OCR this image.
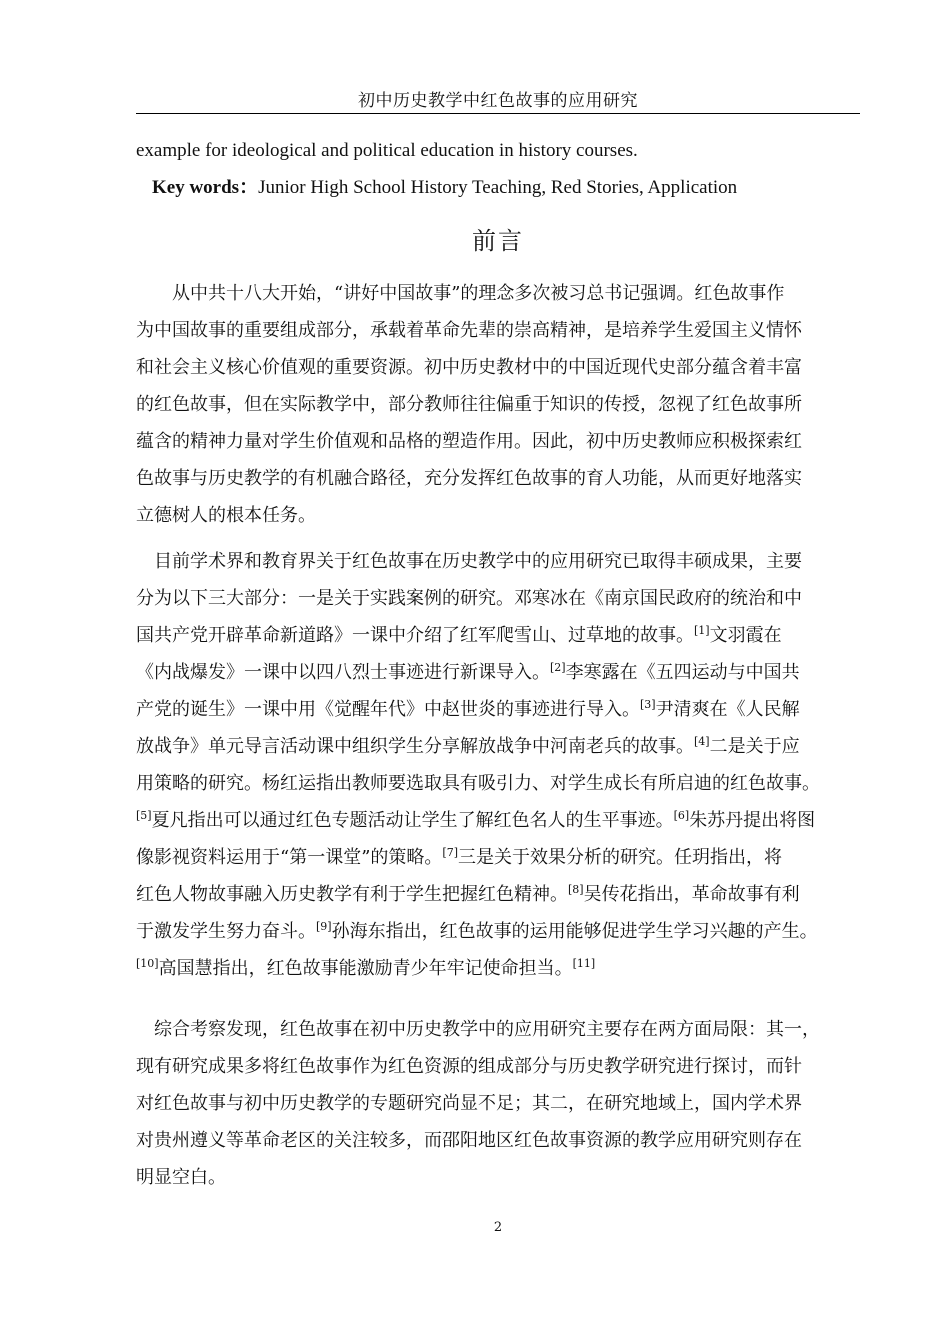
初中历史教学中红色故事的应用研究
example for ideological and political education in history courses.
Key words：Junior High School History Teaching, Red Stories, Application
前言
从中共十八大开始，“讲好中国故事”的理念多次被习总书记强调。红色故事作
为中国故事的重要组成部分，承载着革命先辈的崇高精神，是培养学生爱国主义情怀
和社会主义核心价值观的重要资源。初中历史教材中的中国近现代史部分蕴含着丰富
的红色故事，但在实际教学中，部分教师往往偏重于知识的传授，忽视了红色故事所
蕴含的精神力量对学生价值观和品格的塑造作用。因此，初中历史教师应积极探索红
色故事与历史教学的有机融合路径，充分发挥红色故事的育人功能，从而更好地落实
立德树人的根本任务。
目前学术界和教育界关于红色故事在历史教学中的应用研究已取得丰硕成果，主要
分为以下三大部分：一是关于实践案例的研究。邓寒冰在《南京国民政府的统治和中
国共产党开辟革命新道路》一课中介绍了红军爬雪山、过草地的故事。[1]文羽霞在
《内战爆发》一课中以四八烈士事迹进行新课导入。[2]李寒露在《五四运动与中国共
产党的诞生》一课中用《觉醒年代》中赵世炎的事迹进行导入。[3]尹清爽在《人民解
放战争》单元导言活动课中组织学生分享解放战争中河南老兵的故事。[4]二是关于应
用策略的研究。杨红运指出教师要选取具有吸引力、对学生成长有所启迪的红色故事。
[5]夏凡指出可以通过红色专题活动让学生了解红色名人的生平事迹。[6]朱苏丹提出将图
像影视资料运用于“第一课堂”的策略。[7]三是关于效果分析的研究。任玥指出，将
红色人物故事融入历史教学有利于学生把握红色精神。[8]吴传花指出，革命故事有利
于激发学生努力奋斗。[9]孙海东指出，红色故事的运用能够促进学生学习兴趣的产生。
[10]高国慧指出，红色故事能激励青少年牢记使命担当。[11]
综合考察发现，红色故事在初中历史教学中的应用研究主要存在两方面局限：其一，
现有研究成果多将红色故事作为红色资源的组成部分与历史教学研究进行探讨，而针
对红色故事与初中历史教学的专题研究尚显不足；其二，在研究地域上，国内学术界
对贵州遵义等革命老区的关注较多，而邵阳地区红色故事资源的教学应用研究则存在
明显空白。
2
